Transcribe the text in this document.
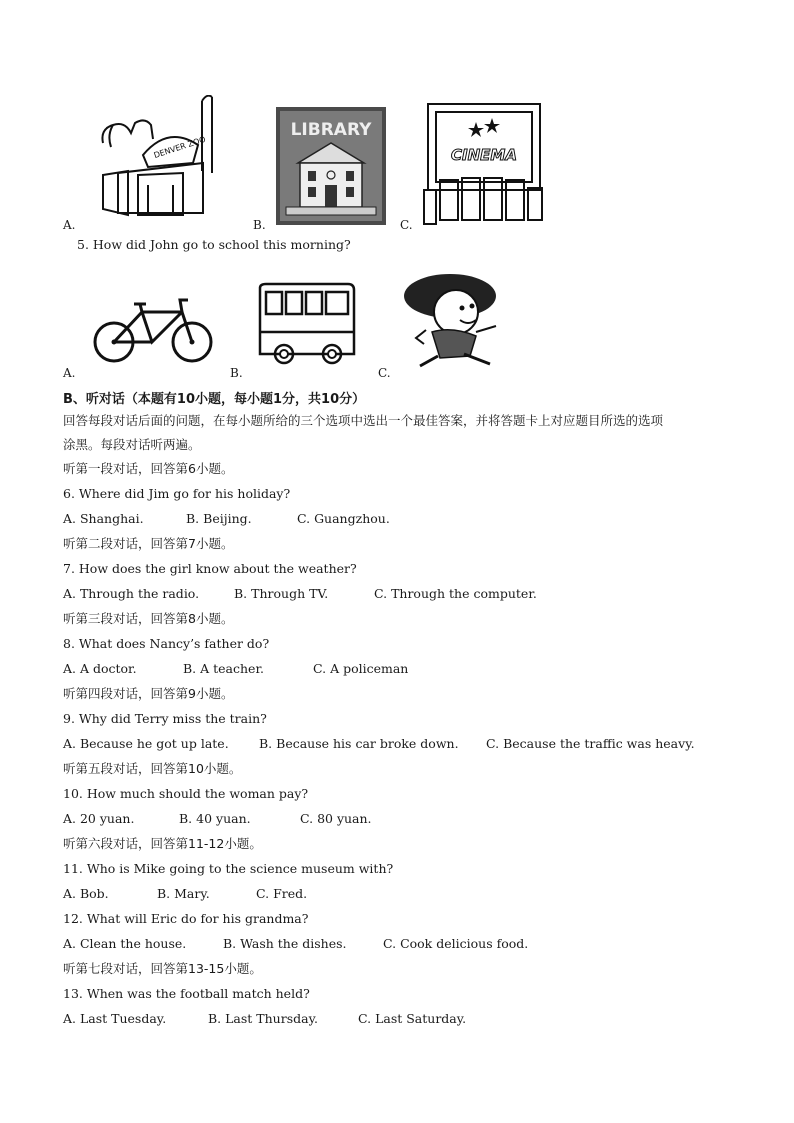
A.
DENVER ZOO
B.
LIBRARY
C.
CINEMA
5. How did John go to school this morning?
A.	B.	C.
B、听对话（本题有10小题，每小题1分，共10分）
回答每段对话后面的问题，在每小题所给的三个选项中选出一个最佳答案，并将答题卡上对应题目所选的选项
涂黑。每段对话听两遍。
听第一段对话，回答第6小题。
6. Where did Jim go for his holiday?
A. Shanghai.	B. Beijing.	C. Guangzhou.
听第二段对话，回答第7小题。
7. How does the girl know about the weather?
A. Through the radio.	B. Through TV.	C. Through the computer.
听第三段对话，回答第8小题。
8. What does Nancy’s father do?
A. A doctor.	B. A teacher.	C. A policeman
听第四段对话，回答第9小题。
9. Why did Terry miss the train?
A. Because he got up late. B. Because his car broke down. C. Because the traffic was heavy.
听第五段对话，回答第10小题。
10. How much should the woman pay?
A. 20 yuan.	B. 40 yuan.	C. 80 yuan.
听第六段对话，回答第11-12小题。
11. Who is Mike going to the science museum with?
A. Bob.	B. Mary.	C. Fred.
12. What will Eric do for his grandma?
A. Clean the house.	B. Wash the dishes.	C. Cook delicious food.
听第七段对话，回答第13-15小题。
13. When was the football match held?
A. Last Tuesday.	B. Last Thursday.	C. Last Saturday.
